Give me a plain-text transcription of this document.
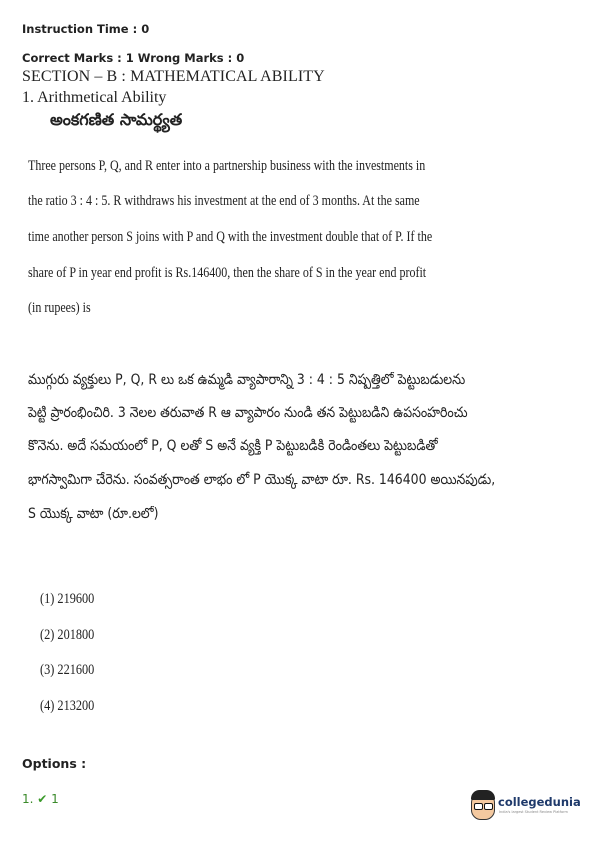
Instruction Time : 0
Correct Marks : 1 Wrong Marks : 0
SECTION – B : MATHEMATICAL ABILITY
1. Arithmetical Ability
అంకగణిత సామర్థ్యత
Three persons P, Q, and R enter into a partnership business with the investments in
the ratio 3 : 4 : 5. R withdraws his investment at the end of 3 months. At the same
time another person S joins with P and Q with the investment double that of P. If the
share of P in year end profit is Rs.146400, then the share of S in the year end profit
(in rupees) is
ముగ్గురు వ్యక్తులు P, Q, R లు ఒక ఉమ్మడి వ్యాపారాన్ని 3 : 4 : 5 నిష్పత్తిలో పెట్టుబడులను
పెట్టి ప్రారంభించిరి. 3 నెలల తరువాత R ఆ వ్యాపారం నుండి తన పెట్టుబడిని ఉపసంహరించు
కొనెను. అదే సమయంలో P, Q లతో S అనే వ్యక్తి P పెట్టుబడికి రెండింతలు పెట్టుబడితో
భాగస్వామిగా చేరెను. సంవత్సరాంత లాభం లో P యొక్క వాటా రూ. Rs. 146400 అయినపుడు,
S యొక్క వాటా (రూ.లలో)
(1) 219600
(2) 201800
(3) 221600
(4) 213200
Options :
1. ✔ 1	collegedunia
India's largest Student Review Platform
